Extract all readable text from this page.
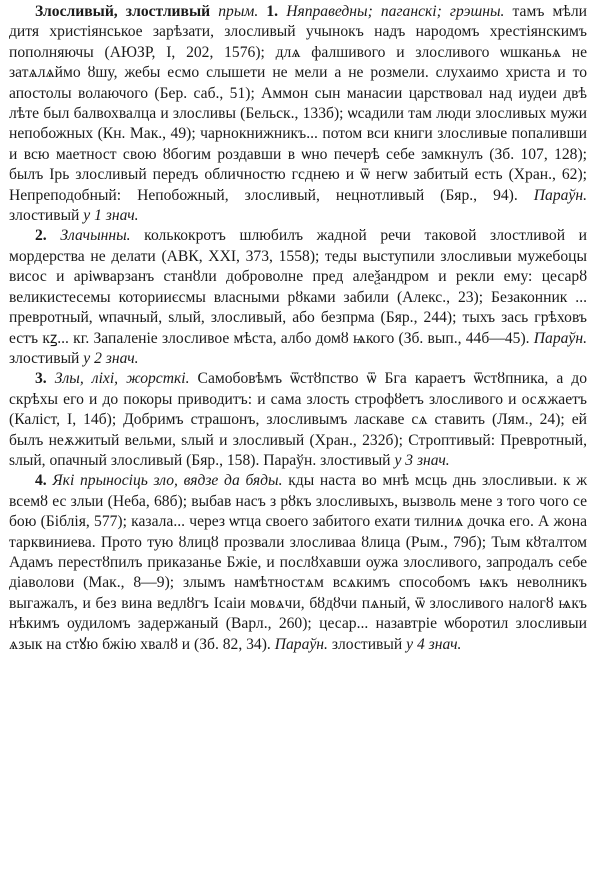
Злосливый, злостливый прым. 1. Няправедны; паганскі; грэшны. тамъ мѣли дитя христіянськое зарѣзати, злосливый учынокъ надъ народомъ хрестіянскимъ пополняючы (АЮЗР, I, 202, 1576); длѧ фалшивого и злосливого ѡшканьѧ не затѧлѧймо ȣшу, жебы есмо слышети не мели а не розмели. слухаимо христа и то апостолы волаючого (Бер. саб., 51); Аммон сын манасии царствовал над иудеи двѣ лѣте был балвохвалца и злосливы (Бельск., 133б); ѡсадили там люди злосливых мужи непобожных (Кн. Мак., 49); чарнокнижникъ... потом вси книги злосливые попаливши и всю маетност свою ȣбогим роздавши в ѡно печерѣ себе замкнулъ (Зб. 107, 128); былъ Ірь злосливый передъ обличностю гсднею и ѿ негѡ забитый есть (Хран., 62); Непреподобный: Непобожный, злосливый, нецнотливый (Бяр., 94). Параўн. злостивый у 1 знач.

2. Злачынны. колькокротъ шлюбилъ жадной речи таковой злостливой и мордерства не делати (АВК, XXI, 373, 1558); теды выступили злосливыи мужебоцы висос и аріѡварзанъ станȣли доброволне пред алеѯандром и рекли ему: цесарȣ великистесемы которииєсмы власными рȣками забили (Алекс., 23); Безаконник ... превротный, ѡпачный, ѕлый, злосливый, або безпрма (Бяр., 244); тыхъ зась грѣховъ естъ кꙁ... кг. Запаленіе злосливое мѣста, албо домȣ ѩкого (Зб. вып., 44б—45). Параўн. злостивый у 2 знач.

3. Злы, ліхі, жорсткі. Самобовѣмъ ѿстȣпство ѿ Бга караетъ ѿстȣпника, а до скрѣхы его и до покоры приводитъ: и сама злость строфȣетъ злосливого и осѫжаетъ (Каліст, I, 14б); Добримъ страшонъ, злосливымъ ласкаве сѧ ставить (Лям., 24); ей былъ неѫжитый вельми, ѕлый и злосливый (Хран., 232б); Строптивый: Превротный, ѕлый, опачный злосливый (Бяр., 158). Параўн. злостивый у 3 знач.

4. Які прыносіць зло, вядзе да бяды. кды наста во мнѣ мсць днь злосливыи. к ж всемȣ ес злыи (Неба, 68б); выбав насъ з рȣкъ злосливыхъ, вызволь мене з того чого се бою (Біблія, 577); казала... через ѡтца своего забитого ехати тилниѧ дочка его. А жона тарквиниева. Прото тую ȣлицȣ прозвали злосливаа ȣлица (Рым., 79б); Тым кȣталтом Адамъ перестȣпилъ приказанье Бжіе, и послȣхавши оужа злосливого, запродалъ себе діаволови (Мак., 8—9); злымъ намѣтностѧм всѧкимъ способомъ ѩкъ неволникъ выгажалъ, и без вина ведлȣгъ Ісаіи мовѧчи, бȣдȣчи пѧный, ѿ злосливого налогȣ ѩкъ нѣкимъ оудиломъ задержаный (Варл., 260); цесар... назавтріе ѡборотил злосливыи ѧзык на стꙋю бжію хвалȣ и (Зб. 82, 34). Параўн. злостивый у 4 знач.
